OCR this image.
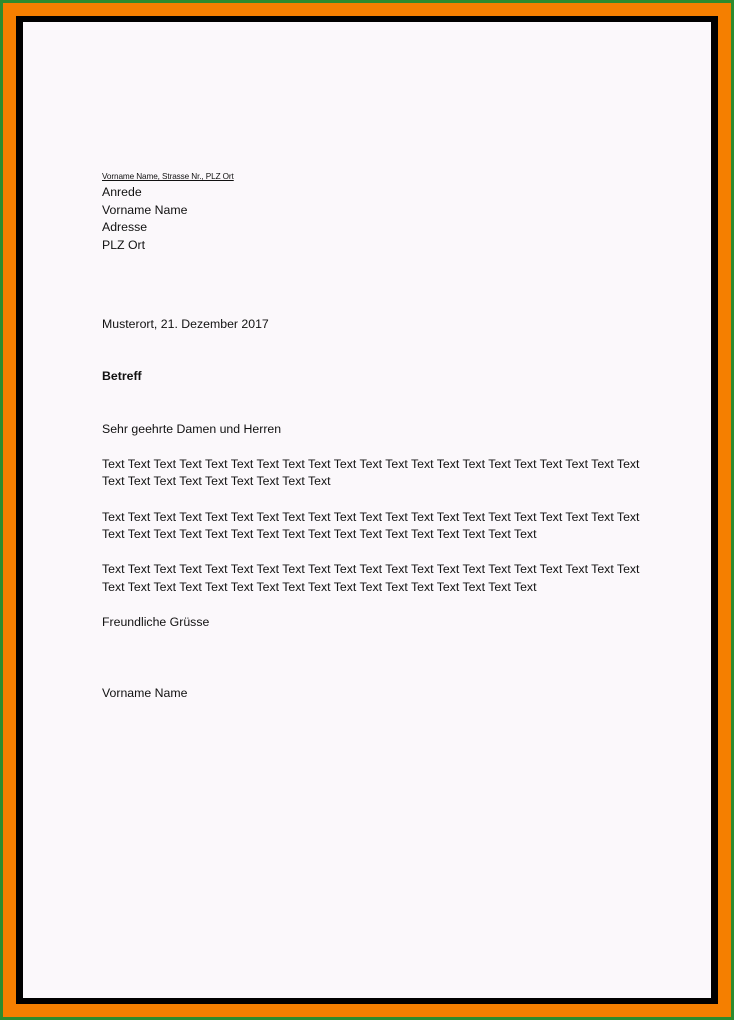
Vorname Name, Strasse Nr., PLZ Ort

Anrede

Vorname Name

Adresse

PLZ Ort

Musterort, 21. Dezember 2017

Betreff

Sehr geehrte Damen und Herren

Text Text Text Text Text Text Text Text Text Text Text Text Text Text Text Text Text Text Text Text Text Text Text Text Text Text Text Text Text Text

Text Text Text Text Text Text Text Text Text Text Text Text Text Text Text Text Text Text Text Text Text Text Text Text Text Text Text Text Text Text Text Text Text Text Text Text Text Text

Text Text Text Text Text Text Text Text Text Text Text Text Text Text Text Text Text Text Text Text Text Text Text Text Text Text Text Text Text Text Text Text Text Text Text Text Text Text

Freundliche Grüsse

Vorname Name
